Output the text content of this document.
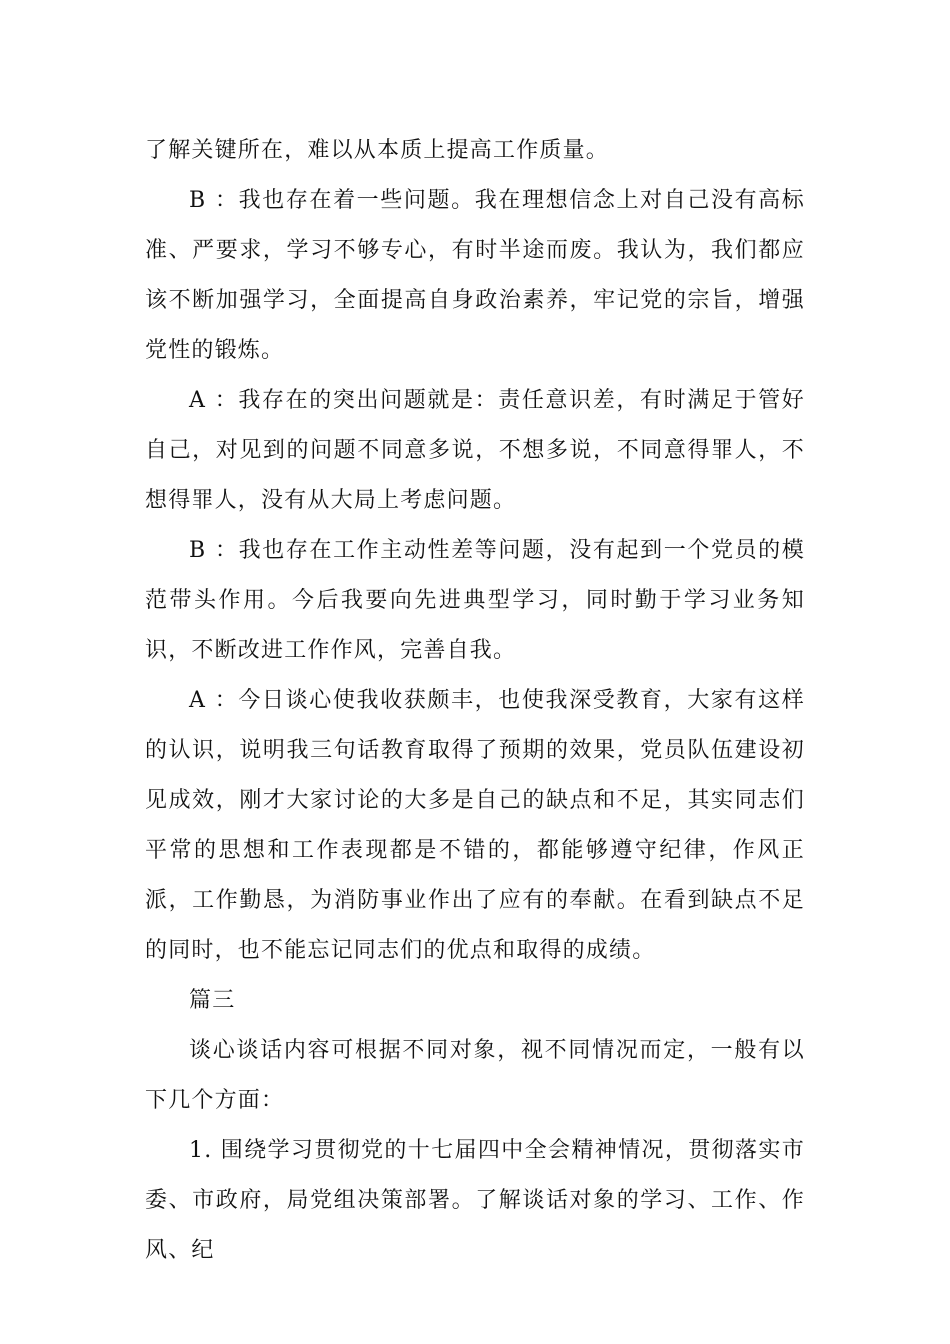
了解关键所在，难以从本质上提高工作质量。

B ：我也存在着一些问题。我在理想信念上对自己没有高标准、严要求，学习不够专心，有时半途而废。我认为，我们都应该不断加强学习，全面提高自身政治素养，牢记党的宗旨，增强党性的锻炼。

A ：我存在的突出问题就是：责任意识差，有时满足于管好自己，对见到的问题不同意多说，不想多说，不同意得罪人，不想得罪人，没有从大局上考虑问题。

B ：我也存在工作主动性差等问题，没有起到一个党员的模范带头作用。今后我要向先进典型学习，同时勤于学习业务知识，不断改进工作作风，完善自我。

A ：今日谈心使我收获颇丰，也使我深受教育，大家有这样的认识，说明我三句话教育取得了预期的效果，党员队伍建设初见成效，刚才大家讨论的大多是自己的缺点和不足，其实同志们平常的思想和工作表现都是不错的，都能够遵守纪律，作风正派，工作勤恳，为消防事业作出了应有的奉献。在看到缺点不足的同时，也不能忘记同志们的优点和取得的成绩。

篇三

谈心谈话内容可根据不同对象，视不同情况而定，一般有以下几个方面：

1. 围绕学习贯彻党的十七届四中全会精神情况，贯彻落实市委、市政府，局党组决策部署。了解谈话对象的学习、工作、作风、纪
